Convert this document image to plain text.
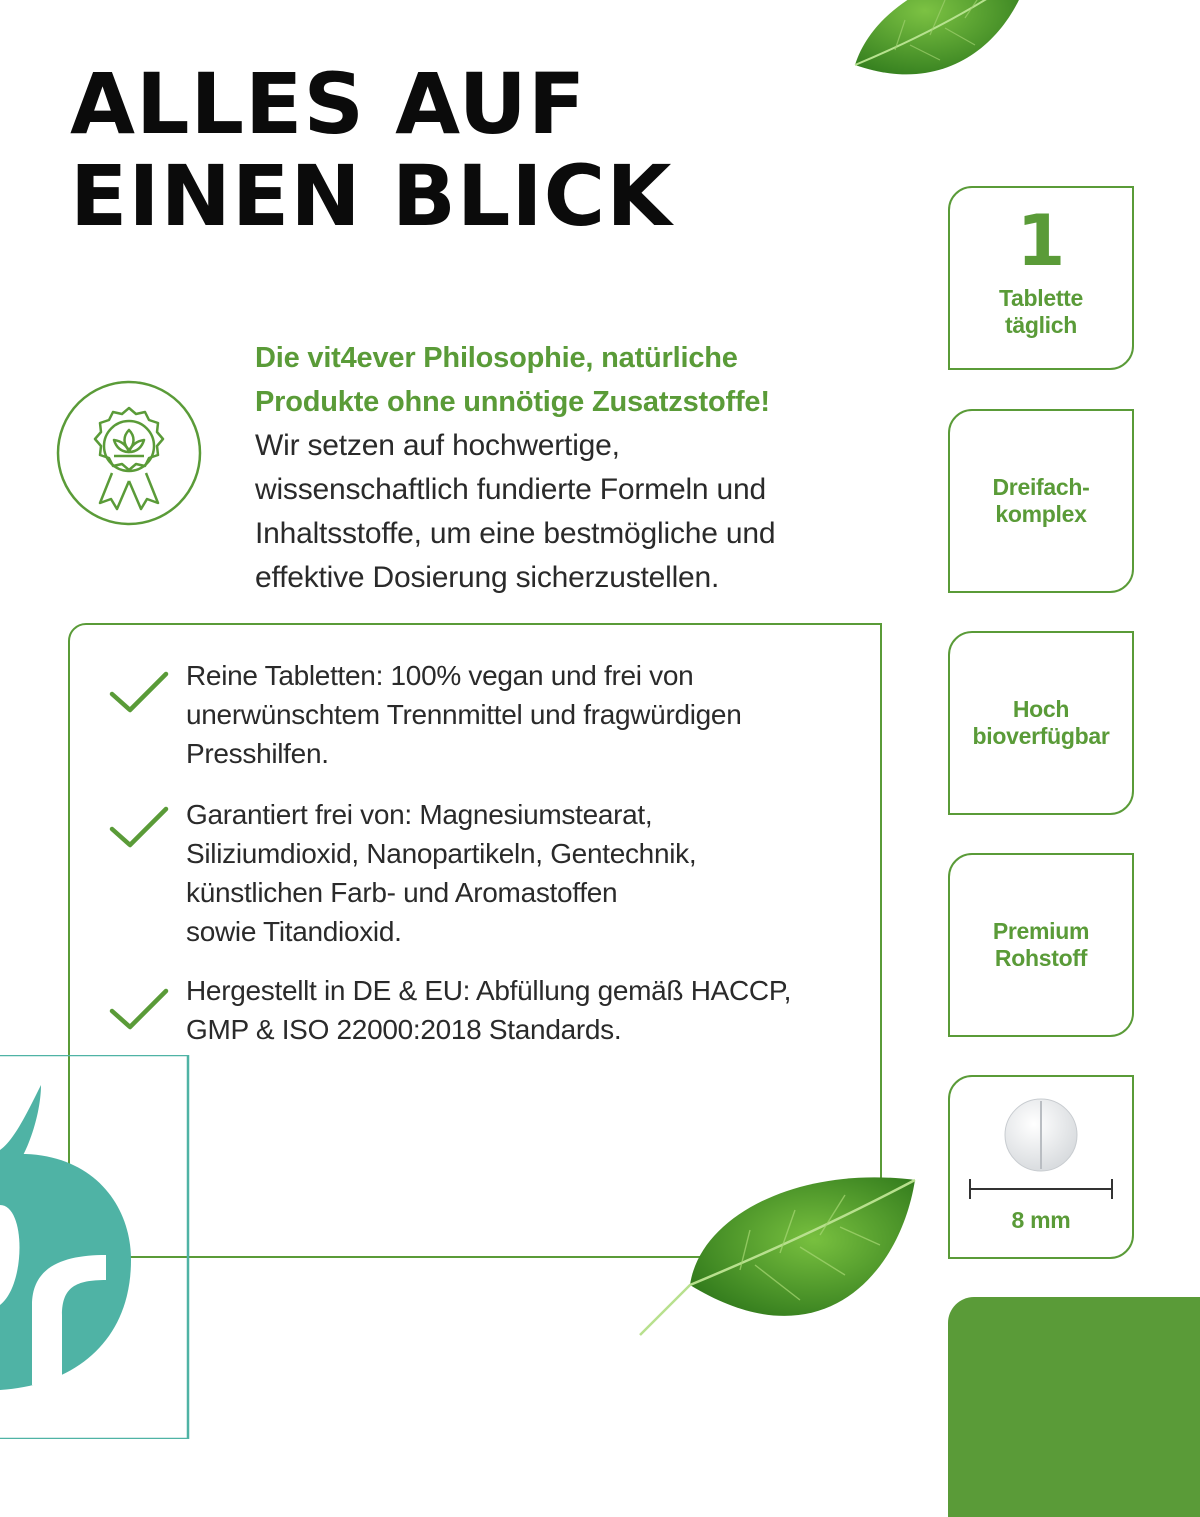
ALLES AUF
EINEN BLICK
Die vit4ever Philosophie, natürliche
Produkte ohne unnötige Zusatzstoffe!
Wir setzen auf hochwertige,
wissenschaftlich fundierte Formeln und
Inhaltsstoffe, um eine bestmögliche und
effektive Dosierung sicherzustellen.
Reine Tabletten: 100% vegan und frei von
unerwünschtem Trennmittel und fragwürdigen
Presshilfen.
Garantiert frei von: Magnesiumstearat,
Siliziumdioxid, Nanopartikeln, Gentechnik,
künstlichen Farb- und Aromastoffen
sowie Titandioxid.
Hergestellt in DE & EU: Abfüllung gemäß HACCP,
GMP & ISO 22000:2018 Standards.
1
Tablette
täglich
Dreifach-
komplex
Hoch
bioverfügbar
Premium
Rohstoff
8 mm
